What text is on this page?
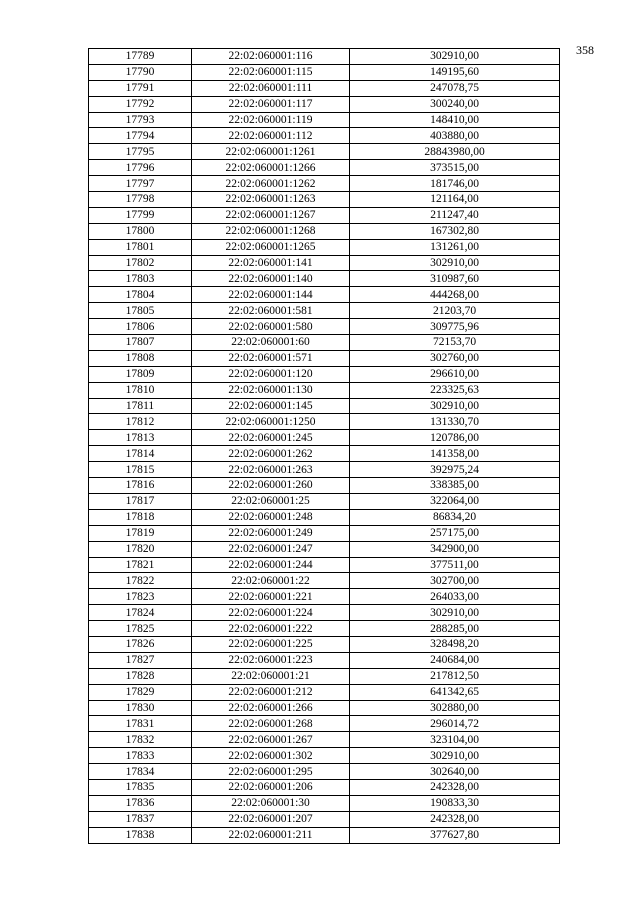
358
17789	22:02:060001:116	302910,00
17790	22:02:060001:115	149195,60
17791	22:02:060001:111	247078,75
17792	22:02:060001:117	300240,00
17793	22:02:060001:119	148410,00
17794	22:02:060001:112	403880,00
17795	22:02:060001:1261	28843980,00
17796	22:02:060001:1266	373515,00
17797	22:02:060001:1262	181746,00
17798	22:02:060001:1263	121164,00
17799	22:02:060001:1267	211247,40
17800	22:02:060001:1268	167302,80
17801	22:02:060001:1265	131261,00
17802	22:02:060001:141	302910,00
17803	22:02:060001:140	310987,60
17804	22:02:060001:144	444268,00
17805	22:02:060001:581	21203,70
17806	22:02:060001:580	309775,96
17807	22:02:060001:60	72153,70
17808	22:02:060001:571	302760,00
17809	22:02:060001:120	296610,00
17810	22:02:060001:130	223325,63
17811	22:02:060001:145	302910,00
17812	22:02:060001:1250	131330,70
17813	22:02:060001:245	120786,00
17814	22:02:060001:262	141358,00
17815	22:02:060001:263	392975,24
17816	22:02:060001:260	338385,00
17817	22:02:060001:25	322064,00
17818	22:02:060001:248	86834,20
17819	22:02:060001:249	257175,00
17820	22:02:060001:247	342900,00
17821	22:02:060001:244	377511,00
17822	22:02:060001:22	302700,00
17823	22:02:060001:221	264033,00
17824	22:02:060001:224	302910,00
17825	22:02:060001:222	288285,00
17826	22:02:060001:225	328498,20
17827	22:02:060001:223	240684,00
17828	22:02:060001:21	217812,50
17829	22:02:060001:212	641342,65
17830	22:02:060001:266	302880,00
17831	22:02:060001:268	296014,72
17832	22:02:060001:267	323104,00
17833	22:02:060001:302	302910,00
17834	22:02:060001:295	302640,00
17835	22:02:060001:206	242328,00
17836	22:02:060001:30	190833,30
17837	22:02:060001:207	242328,00
17838	22:02:060001:211	377627,80
